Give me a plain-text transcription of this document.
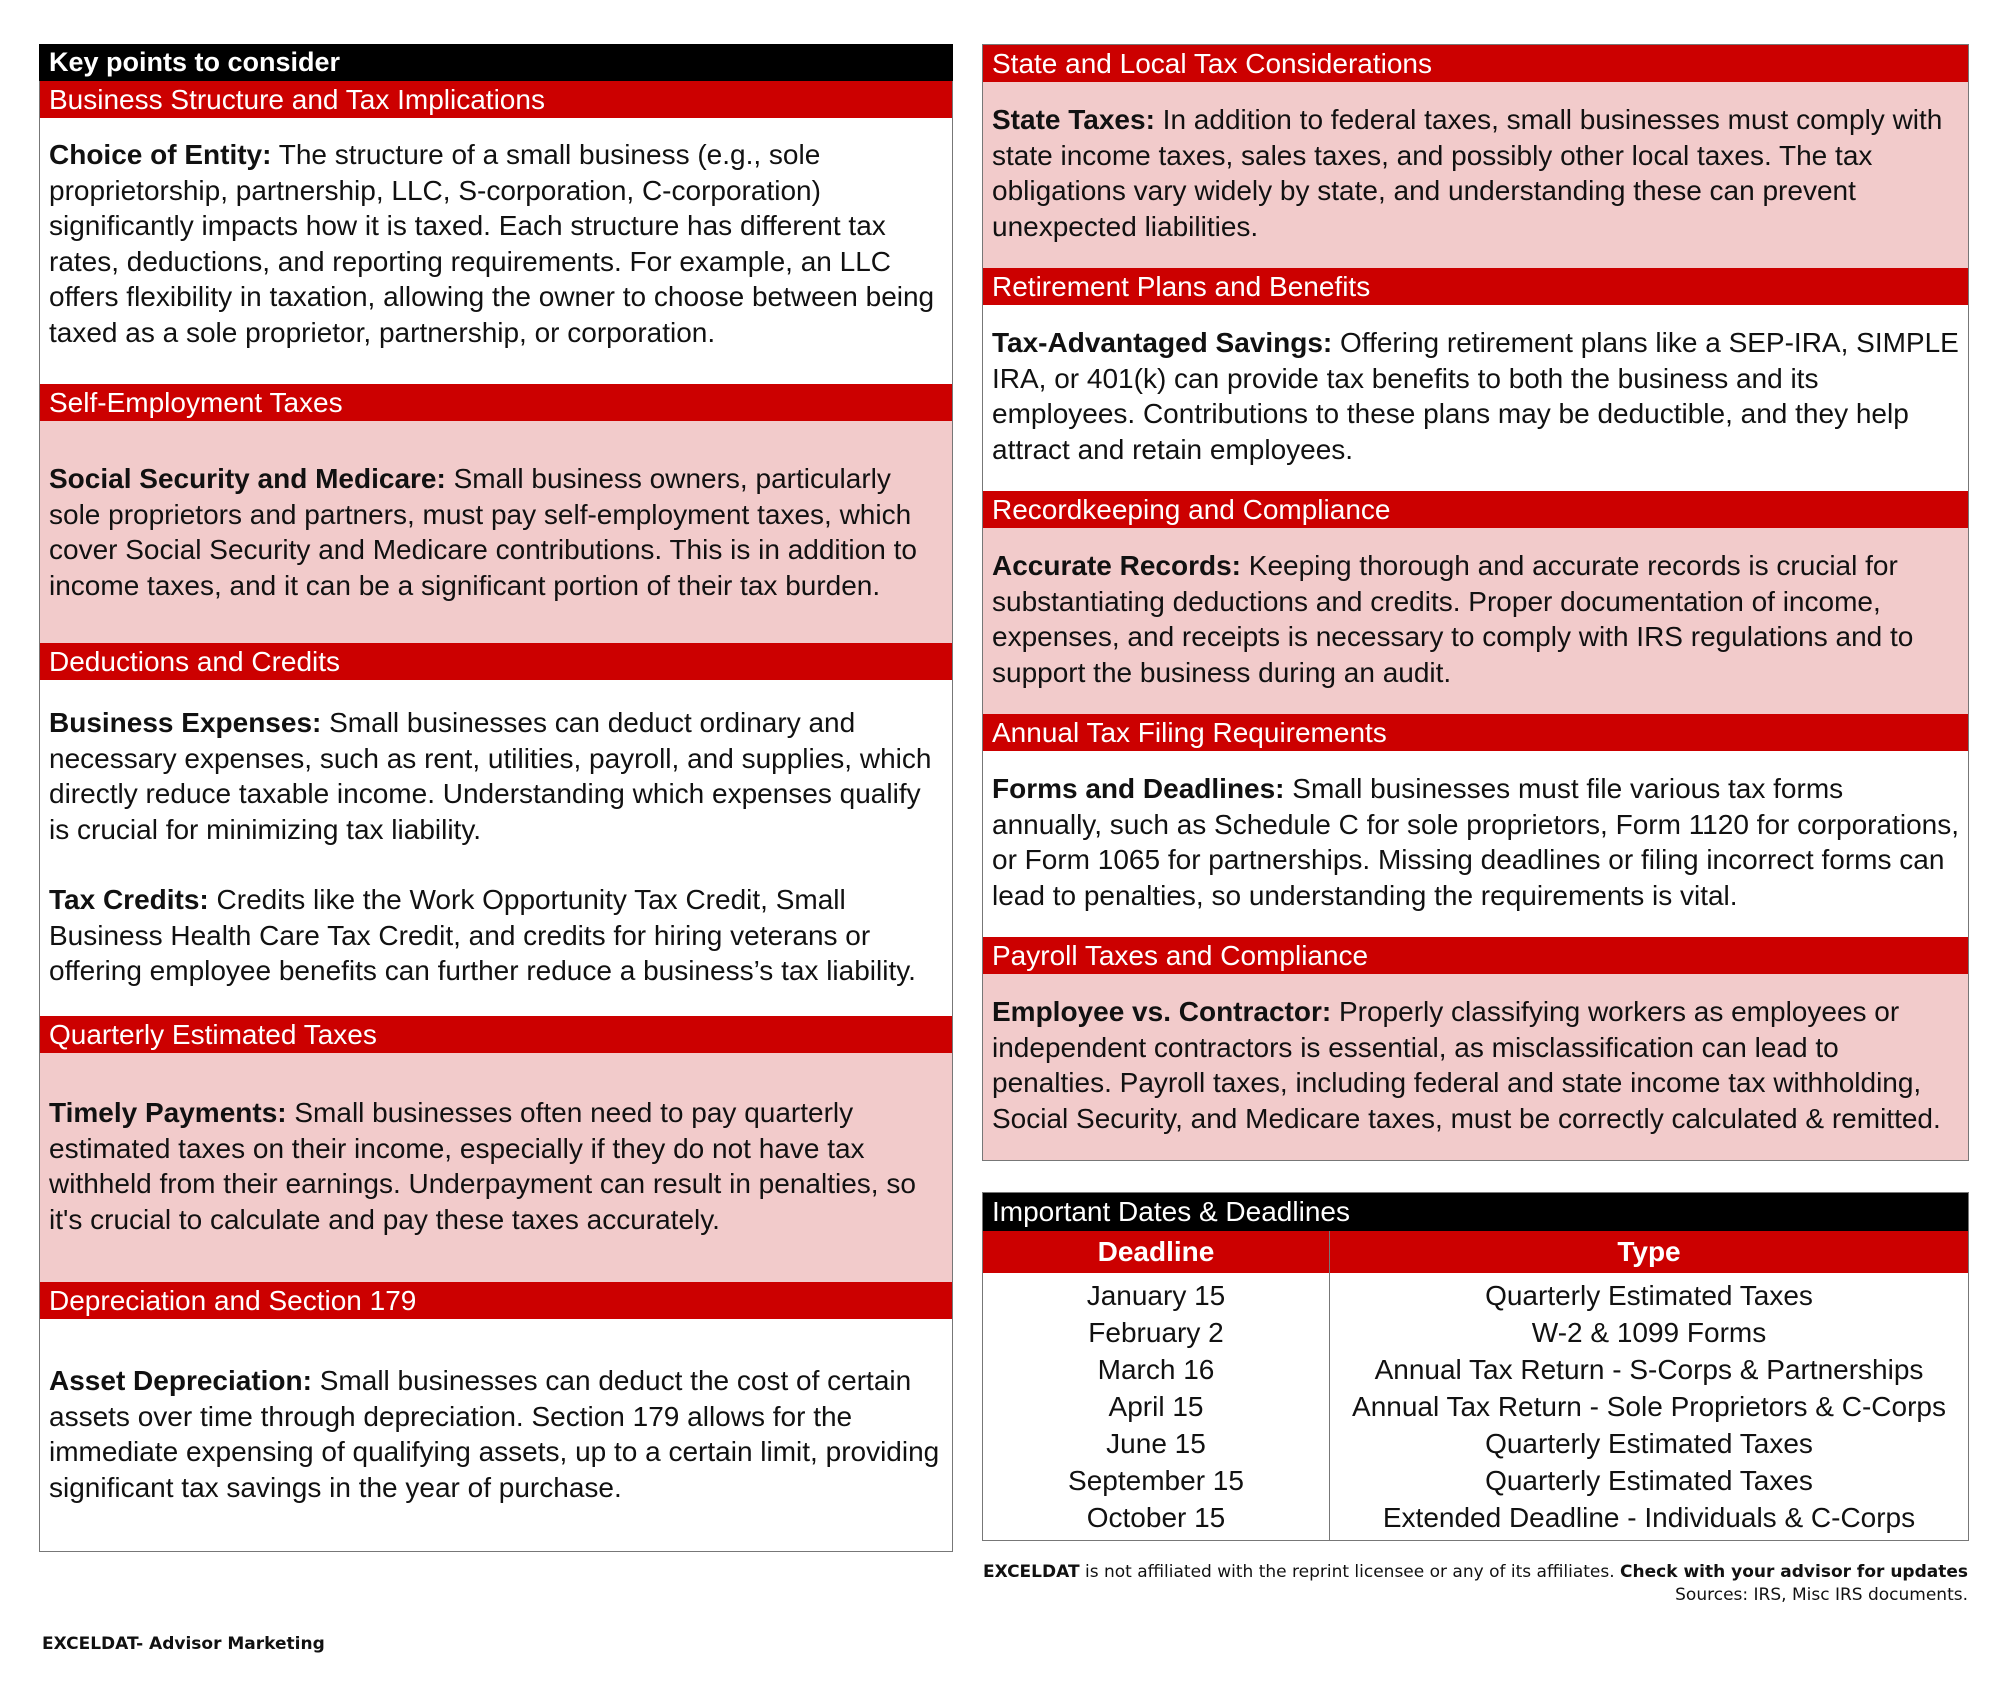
Key points to consider
Business Structure and Tax Implications

Choice of Entity: The structure of a small business (e.g., sole proprietorship, partnership, LLC, S-corporation, C-corporation) significantly impacts how it is taxed. Each structure has different tax rates, deductions, and reporting requirements. For example, an LLC offers flexibility in taxation, allowing the owner to choose between being taxed as a sole proprietor, partnership, or corporation.

Self-Employment Taxes

Social Security and Medicare: Small business owners, particularly sole proprietors and partners, must pay self-employment taxes, which cover Social Security and Medicare contributions. This is in addition to income taxes, and it can be a significant portion of their tax burden.

Deductions and Credits

Business Expenses: Small businesses can deduct ordinary and necessary expenses, such as rent, utilities, payroll, and supplies, which directly reduce taxable income. Understanding which expenses qualify is crucial for minimizing tax liability.

Tax Credits: Credits like the Work Opportunity Tax Credit, Small Business Health Care Tax Credit, and credits for hiring veterans or offering employee benefits can further reduce a business’s tax liability.

Quarterly Estimated Taxes

Timely Payments: Small businesses often need to pay quarterly estimated taxes on their income, especially if they do not have tax withheld from their earnings. Underpayment can result in penalties, so it's crucial to calculate and pay these taxes accurately.

Depreciation and Section 179

Asset Depreciation: Small businesses can deduct the cost of certain assets over time through depreciation. Section 179 allows for the immediate expensing of qualifying assets, up to a certain limit, providing significant tax savings in the year of purchase.

State and Local Tax Considerations

State Taxes: In addition to federal taxes, small businesses must comply with state income taxes, sales taxes, and possibly other local taxes. The tax obligations vary widely by state, and understanding these can prevent unexpected liabilities.

Retirement Plans and Benefits

Tax-Advantaged Savings: Offering retirement plans like a SEP-IRA, SIMPLE IRA, or 401(k) can provide tax benefits to both the business and its employees. Contributions to these plans may be deductible, and they help attract and retain employees.

Recordkeeping and Compliance

Accurate Records: Keeping thorough and accurate records is crucial for substantiating deductions and credits. Proper documentation of income, expenses, and receipts is necessary to comply with IRS regulations and to support the business during an audit.

Annual Tax Filing Requirements

Forms and Deadlines: Small businesses must file various tax forms annually, such as Schedule C for sole proprietors, Form 1120 for corporations, or Form 1065 for partnerships. Missing deadlines or filing incorrect forms can lead to penalties, so understanding the requirements is vital.

Payroll Taxes and Compliance

Employee vs. Contractor: Properly classifying workers as employees or independent contractors is essential, as misclassification can lead to penalties. Payroll taxes, including federal and state income tax withholding, Social Security, and Medicare taxes, must be correctly calculated & remitted.

Important Dates & Deadlines
Deadline	Type
January 15	Quarterly Estimated Taxes
February 2	W-2 & 1099 Forms
March 16	Annual Tax Return - S-Corps & Partnerships
April 15	Annual Tax Return - Sole Proprietors & C-Corps
June 15	Quarterly Estimated Taxes
September 15	Quarterly Estimated Taxes
October 15	Extended Deadline - Individuals & C-Corps
EXCELDAT is not affiliated with the reprint licensee or any of its affiliates. Check with your advisor for updates
Sources: IRS, Misc IRS documents.
EXCELDAT- Advisor Marketing
